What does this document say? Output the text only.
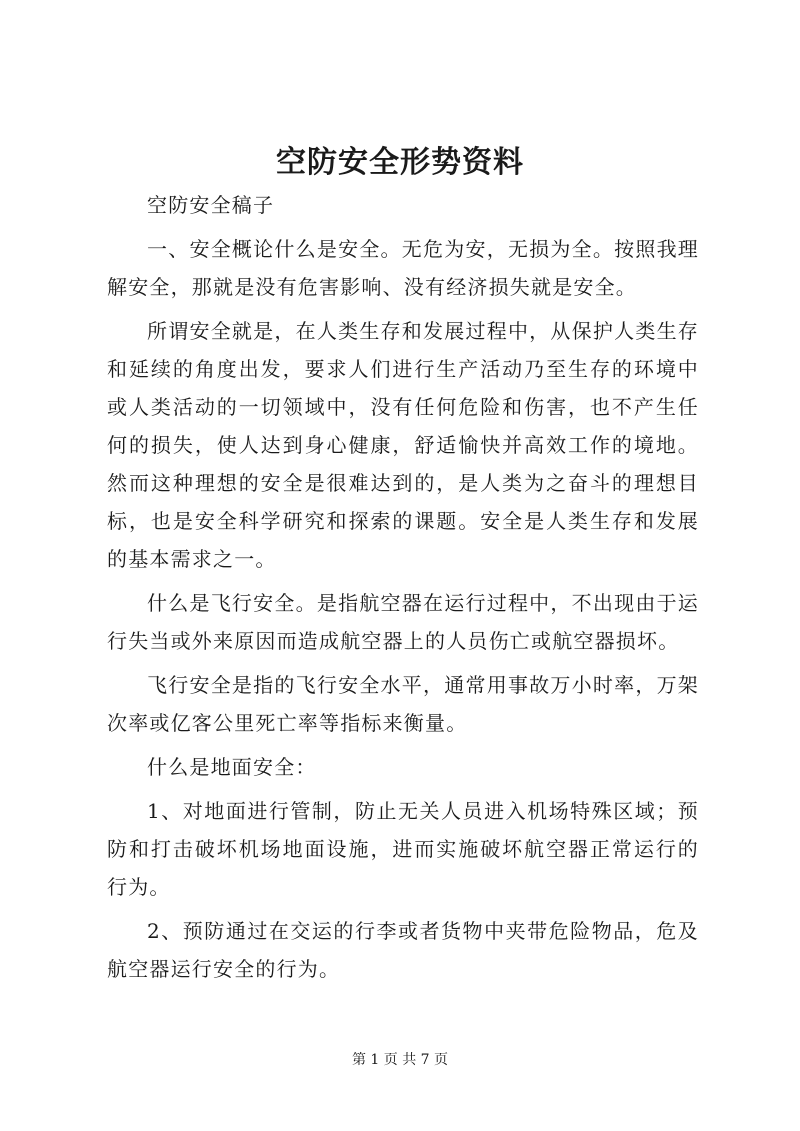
空防安全形势资料

空防安全稿子

一、安全概论什么是安全。无危为安，无损为全。按照我理解安全，那就是没有危害影响、没有经济损失就是安全。

所谓安全就是，在人类生存和发展过程中，从保护人类生存和延续的角度出发，要求人们进行生产活动乃至生存的环境中或人类活动的一切领域中，没有任何危险和伤害，也不产生任何的损失，使人达到身心健康，舒适愉快并高效工作的境地。然而这种理想的安全是很难达到的，是人类为之奋斗的理想目标，也是安全科学研究和探索的课题。安全是人类生存和发展的基本需求之一。

什么是飞行安全。是指航空器在运行过程中，不出现由于运行失当或外来原因而造成航空器上的人员伤亡或航空器损坏。

飞行安全是指的飞行安全水平，通常用事故万小时率，万架次率或亿客公里死亡率等指标来衡量。

什么是地面安全：

1、对地面进行管制，防止无关人员进入机场特殊区域；预防和打击破坏机场地面设施，进而实施破坏航空器正常运行的行为。

2、预防通过在交运的行李或者货物中夹带危险物品，危及航空器运行安全的行为。

第 1 页 共 7 页
